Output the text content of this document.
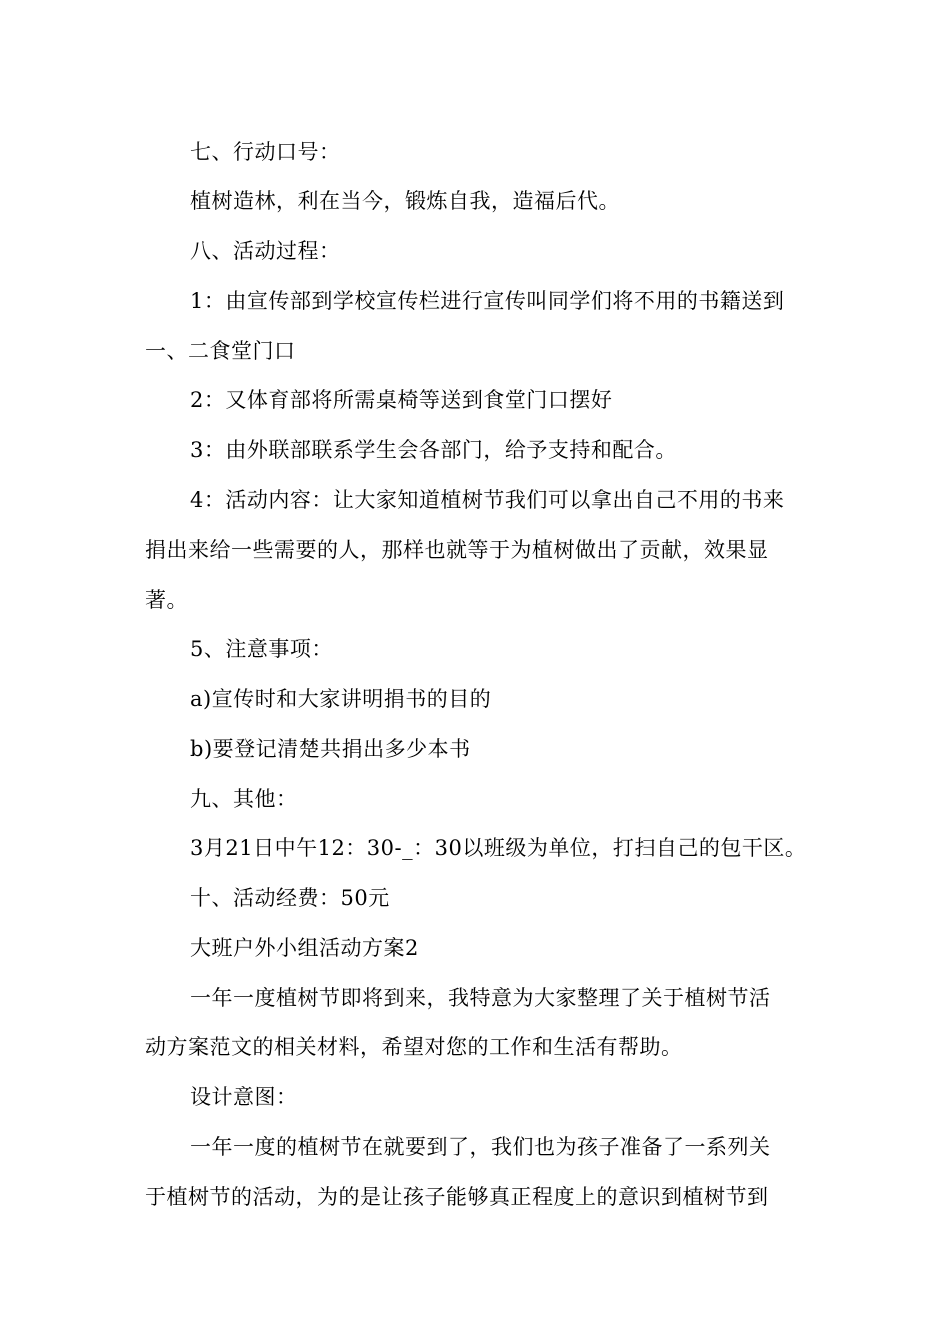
七、行动口号：
植树造林，利在当今，锻炼自我，造福后代。
八、活动过程：
1：由宣传部到学校宣传栏进行宣传叫同学们将不用的书籍送到
一、二食堂门口
2：又体育部将所需桌椅等送到食堂门口摆好
3：由外联部联系学生会各部门，给予支持和配合。
4：活动内容：让大家知道植树节我们可以拿出自己不用的书来
捐出来给一些需要的人，那样也就等于为植树做出了贡献，效果显
著。
5、注意事项：
a)宣传时和大家讲明捐书的目的
b)要登记清楚共捐出多少本书
九、其他：
3月21日中午12：30-_：30以班级为单位，打扫自己的包干区。
十、活动经费：50元
大班户外小组活动方案2
一年一度植树节即将到来，我特意为大家整理了关于植树节活
动方案范文的相关材料，希望对您的工作和生活有帮助。
设计意图：
一年一度的植树节在就要到了，我们也为孩子准备了一系列关
于植树节的活动，为的是让孩子能够真正程度上的意识到植树节到
